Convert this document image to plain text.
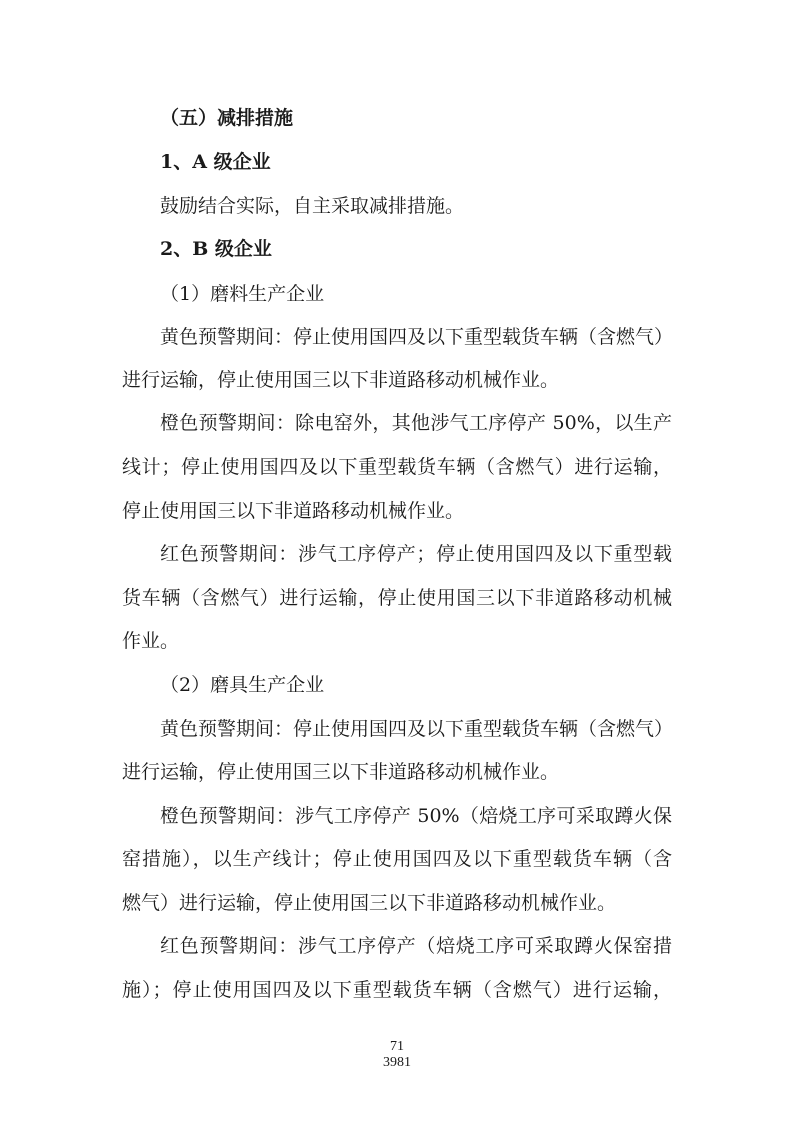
（五）减排措施
1、A 级企业
鼓励结合实际，自主采取减排措施。
2、B 级企业
（1）磨料生产企业
黄色预警期间：停止使用国四及以下重型载货车辆（含燃气）
进行运输，停止使用国三以下非道路移动机械作业。
橙色预警期间：除电窑外，其他涉气工序停产 50%，以生产
线计；停止使用国四及以下重型载货车辆（含燃气）进行运输，
停止使用国三以下非道路移动机械作业。
红色预警期间：涉气工序停产；停止使用国四及以下重型载
货车辆（含燃气）进行运输，停止使用国三以下非道路移动机械
作业。
（2）磨具生产企业
黄色预警期间：停止使用国四及以下重型载货车辆（含燃气）
进行运输，停止使用国三以下非道路移动机械作业。
橙色预警期间：涉气工序停产 50%（焙烧工序可采取蹲火保
窑措施），以生产线计；停止使用国四及以下重型载货车辆（含
燃气）进行运输，停止使用国三以下非道路移动机械作业。
红色预警期间：涉气工序停产（焙烧工序可采取蹲火保窑措
施）；停止使用国四及以下重型载货车辆（含燃气）进行运输，
71
3981
